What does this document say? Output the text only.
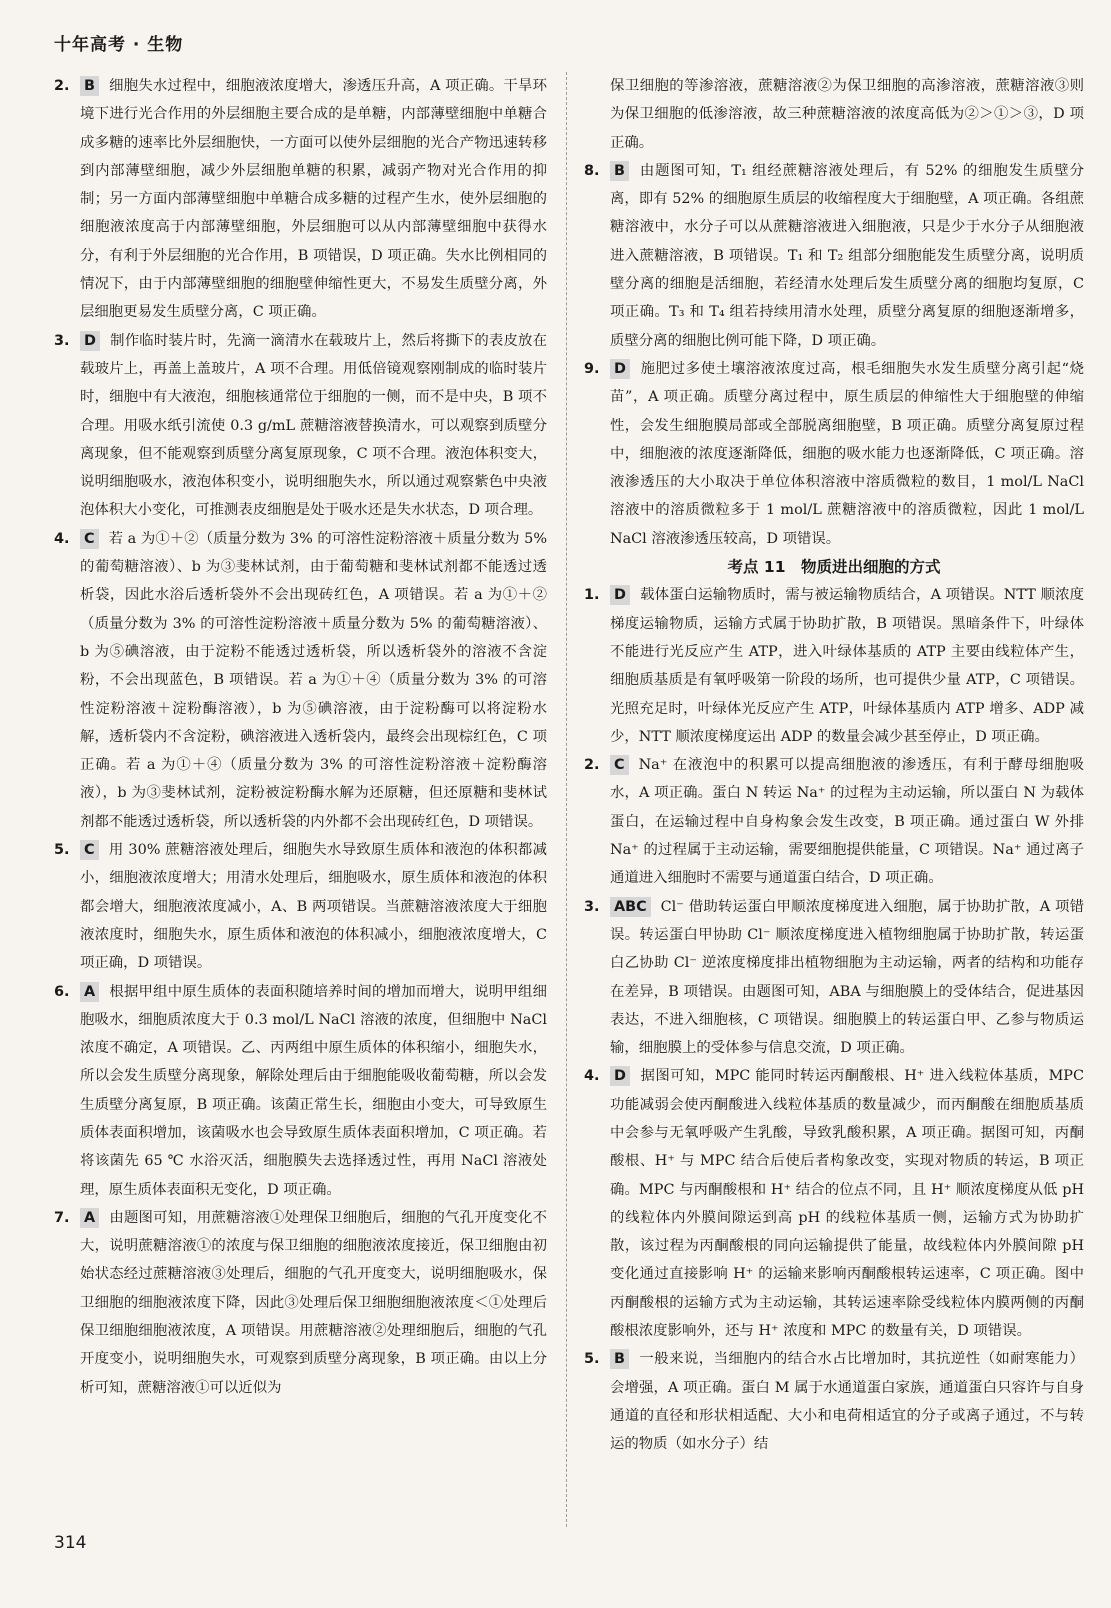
十年高考 · 生物
2. B 细胞失水过程中，细胞液浓度增大，渗透压升高，A 项正确。干旱环境下进行光合作用的外层细胞主要合成的是单糖，内部薄壁细胞中单糖合成多糖的速率比外层细胞快，一方面可以使外层细胞的光合产物迅速转移到内部薄壁细胞，减少外层细胞单糖的积累，减弱产物对光合作用的抑制；另一方面内部薄壁细胞中单糖合成多糖的过程产生水，使外层细胞的细胞液浓度高于内部薄壁细胞，外层细胞可以从内部薄壁细胞中获得水分，有利于外层细胞的光合作用，B 项错误，D 项正确。失水比例相同的情况下，由于内部薄壁细胞的细胞壁伸缩性更大，不易发生质壁分离，外层细胞更易发生质壁分离，C 项正确。
3. D 制作临时装片时，先滴一滴清水在载玻片上，然后将撕下的表皮放在载玻片上，再盖上盖玻片，A 项不合理。用低倍镜观察刚制成的临时装片时，细胞中有大液泡，细胞核通常位于细胞的一侧，而不是中央，B 项不合理。用吸水纸引流使 0.3 g/mL 蔗糖溶液替换清水，可以观察到质壁分离现象，但不能观察到质壁分离复原现象，C 项不合理。液泡体积变大，说明细胞吸水，液泡体积变小，说明细胞失水，所以通过观察紫色中央液泡体积大小变化，可推测表皮细胞是处于吸水还是失水状态，D 项合理。
4. C 若 a 为①＋②（质量分数为 3% 的可溶性淀粉溶液＋质量分数为 5% 的葡萄糖溶液）、b 为③斐林试剂，由于葡萄糖和斐林试剂都不能透过透析袋，因此水浴后透析袋外不会出现砖红色，A 项错误。若 a 为①＋②（质量分数为 3% 的可溶性淀粉溶液＋质量分数为 5% 的葡萄糖溶液）、b 为⑤碘溶液，由于淀粉不能透过透析袋，所以透析袋外的溶液不含淀粉，不会出现蓝色，B 项错误。若 a 为①＋④（质量分数为 3% 的可溶性淀粉溶液＋淀粉酶溶液），b 为⑤碘溶液，由于淀粉酶可以将淀粉水解，透析袋内不含淀粉，碘溶液进入透析袋内，最终会出现棕红色，C 项正确。若 a 为①＋④（质量分数为 3% 的可溶性淀粉溶液＋淀粉酶溶液），b 为③斐林试剂，淀粉被淀粉酶水解为还原糖，但还原糖和斐林试剂都不能透过透析袋，所以透析袋的内外都不会出现砖红色，D 项错误。
5. C 用 30% 蔗糖溶液处理后，细胞失水导致原生质体和液泡的体积都减小，细胞液浓度增大；用清水处理后，细胞吸水，原生质体和液泡的体积都会增大，细胞液浓度减小，A、B 两项错误。当蔗糖溶液浓度大于细胞液浓度时，细胞失水，原生质体和液泡的体积减小，细胞液浓度增大，C 项正确，D 项错误。
6. A 根据甲组中原生质体的表面积随培养时间的增加而增大，说明甲组细胞吸水，细胞质浓度大于 0.3 mol/L NaCl 溶液的浓度，但细胞中 NaCl 浓度不确定，A 项错误。乙、丙两组中原生质体的体积缩小，细胞失水，所以会发生质壁分离现象，解除处理后由于细胞能吸收葡萄糖，所以会发生质壁分离复原，B 项正确。该菌正常生长，细胞由小变大，可导致原生质体表面积增加，该菌吸水也会导致原生质体表面积增加，C 项正确。若将该菌先 65 ℃ 水浴灭活，细胞膜失去选择透过性，再用 NaCl 溶液处理，原生质体表面积无变化，D 项正确。
7. A 由题图可知，用蔗糖溶液①处理保卫细胞后，细胞的气孔开度变化不大，说明蔗糖溶液①的浓度与保卫细胞的细胞液浓度接近，保卫细胞由初始状态经过蔗糖溶液③处理后，细胞的气孔开度变大，说明细胞吸水，保卫细胞的细胞液浓度下降，因此③处理后保卫细胞细胞液浓度＜①处理后保卫细胞细胞液浓度，A 项错误。用蔗糖溶液②处理细胞后，细胞的气孔开度变小，说明细胞失水，可观察到质壁分离现象，B 项正确。由以上分析可知，蔗糖溶液①可以近似为

保卫细胞的等渗溶液，蔗糖溶液②为保卫细胞的高渗溶液，蔗糖溶液③则为保卫细胞的低渗溶液，故三种蔗糖溶液的浓度高低为②＞①＞③，D 项正确。

8. B 由题图可知，T₁ 组经蔗糖溶液处理后，有 52% 的细胞发生质壁分离，即有 52% 的细胞原生质层的收缩程度大于细胞壁，A 项正确。各组蔗糖溶液中，水分子可以从蔗糖溶液进入细胞液，只是少于水分子从细胞液进入蔗糖溶液，B 项错误。T₁ 和 T₂ 组部分细胞能发生质壁分离，说明质壁分离的细胞是活细胞，若经清水处理后发生质壁分离的细胞均复原，C 项正确。T₃ 和 T₄ 组若持续用清水处理，质壁分离复原的细胞逐渐增多，质壁分离的细胞比例可能下降，D 项正确。
9. D 施肥过多使土壤溶液浓度过高，根毛细胞失水发生质壁分离引起“烧苗”，A 项正确。质壁分离过程中，原生质层的伸缩性大于细胞壁的伸缩性，会发生细胞膜局部或全部脱离细胞壁，B 项正确。质壁分离复原过程中，细胞液的浓度逐渐降低，细胞的吸水能力也逐渐降低，C 项正确。溶液渗透压的大小取决于单位体积溶液中溶质微粒的数目，1 mol/L NaCl 溶液中的溶质微粒多于 1 mol/L 蔗糖溶液中的溶质微粒，因此 1 mol/L NaCl 溶液渗透压较高，D 项错误。
考点 11　物质进出细胞的方式
1. D 载体蛋白运输物质时，需与被运输物质结合，A 项错误。NTT 顺浓度梯度运输物质，运输方式属于协助扩散，B 项错误。黑暗条件下，叶绿体不能进行光反应产生 ATP，进入叶绿体基质的 ATP 主要由线粒体产生，细胞质基质是有氧呼吸第一阶段的场所，也可提供少量 ATP，C 项错误。光照充足时，叶绿体光反应产生 ATP，叶绿体基质内 ATP 增多、ADP 减少，NTT 顺浓度梯度运出 ADP 的数量会减少甚至停止，D 项正确。
2. C Na⁺ 在液泡中的积累可以提高细胞液的渗透压，有利于酵母细胞吸水，A 项正确。蛋白 N 转运 Na⁺ 的过程为主动运输，所以蛋白 N 为载体蛋白，在运输过程中自身构象会发生改变，B 项正确。通过蛋白 W 外排 Na⁺ 的过程属于主动运输，需要细胞提供能量，C 项错误。Na⁺ 通过离子通道进入细胞时不需要与通道蛋白结合，D 项正确。
3. ABC Cl⁻ 借助转运蛋白甲顺浓度梯度进入细胞，属于协助扩散，A 项错误。转运蛋白甲协助 Cl⁻ 顺浓度梯度进入植物细胞属于协助扩散，转运蛋白乙协助 Cl⁻ 逆浓度梯度排出植物细胞为主动运输，两者的结构和功能存在差异，B 项错误。由题图可知，ABA 与细胞膜上的受体结合，促进基因表达，不进入细胞核，C 项错误。细胞膜上的转运蛋白甲、乙参与物质运输，细胞膜上的受体参与信息交流，D 项正确。
4. D 据图可知，MPC 能同时转运丙酮酸根、H⁺ 进入线粒体基质，MPC 功能减弱会使丙酮酸进入线粒体基质的数量减少，而丙酮酸在细胞质基质中会参与无氧呼吸产生乳酸，导致乳酸积累，A 项正确。据图可知，丙酮酸根、H⁺ 与 MPC 结合后使后者构象改变，实现对物质的转运，B 项正确。MPC 与丙酮酸根和 H⁺ 结合的位点不同，且 H⁺ 顺浓度梯度从低 pH 的线粒体内外膜间隙运到高 pH 的线粒体基质一侧，运输方式为协助扩散，该过程为丙酮酸根的同向运输提供了能量，故线粒体内外膜间隙 pH 变化通过直接影响 H⁺ 的运输来影响丙酮酸根转运速率，C 项正确。图中丙酮酸根的运输方式为主动运输，其转运速率除受线粒体内膜两侧的丙酮酸根浓度影响外，还与 H⁺ 浓度和 MPC 的数量有关，D 项错误。
5. B 一般来说，当细胞内的结合水占比增加时，其抗逆性（如耐寒能力）会增强，A 项正确。蛋白 M 属于水通道蛋白家族，通道蛋白只容许与自身通道的直径和形状相适配、大小和电荷相适宜的分子或离子通过，不与转运的物质（如水分子）结
314
